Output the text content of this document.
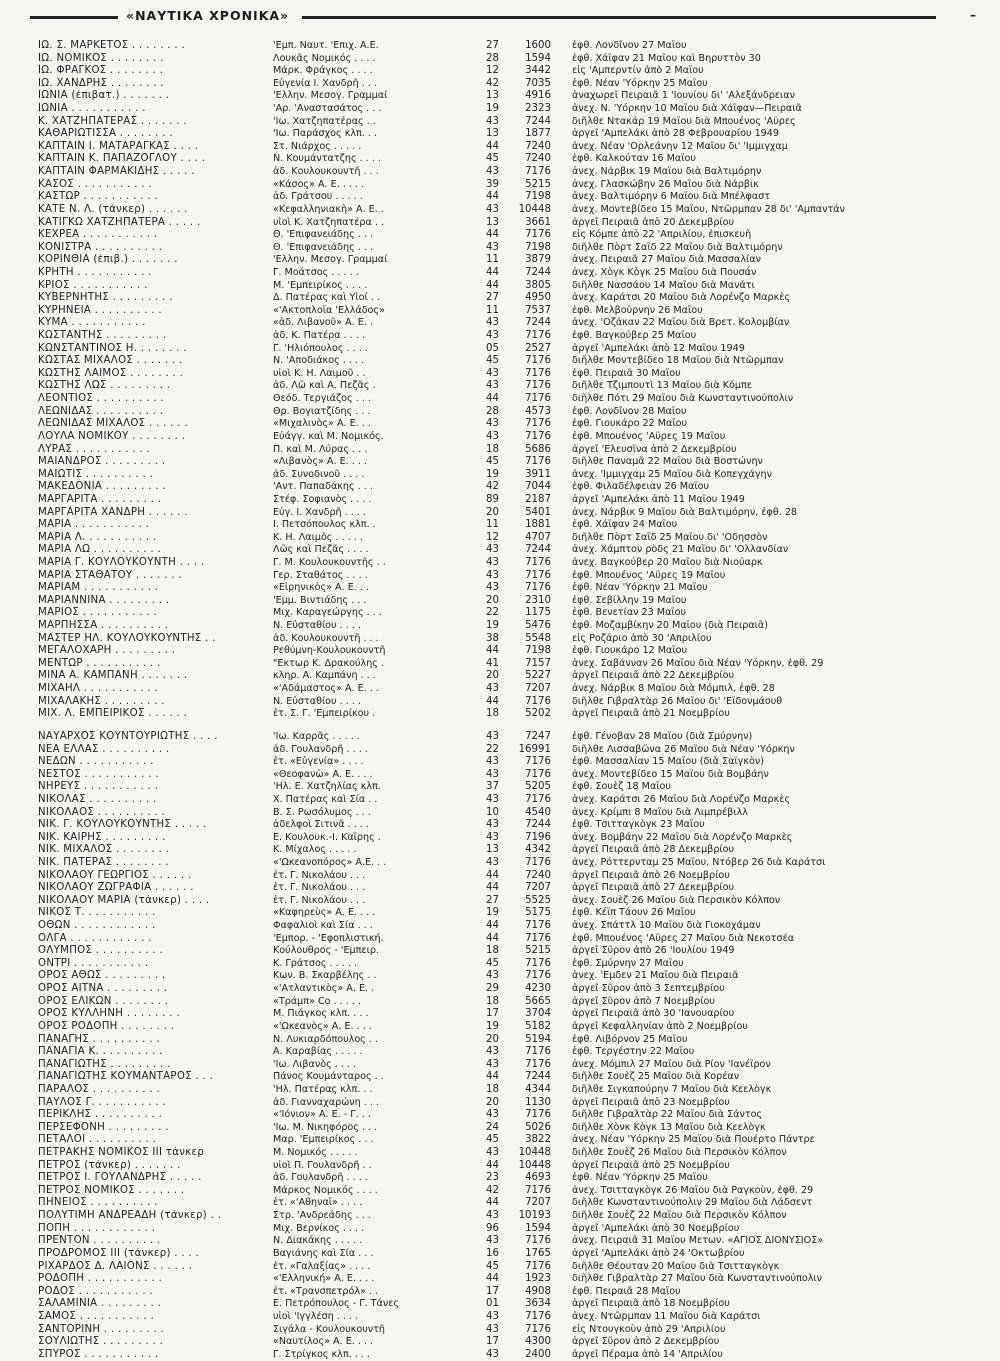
«ΝΑΥΤΙΚΑ ΧΡΟΝΙΚΑ»	–
ΙΩ. Σ. ΜΑΡΚΕΤΟΣ . . . . . . . .	'Εμπ. Ναυτ. 'Επιχ. Α.Ε.	27	1600 ἐφθ. Λονδῖνον 27 Μαΐου
ΙΩ. ΝΟΜΙΚΟΣ . . . . . . . .	Λουκᾶς Νομικός . . . .	28	1594 ἐφθ. Χάϊφαν 21 Μαΐου καὶ Βηρυττὸν 30
ΙΩ. ΦΡΑΓΚΟΣ . . . . . . . .	Μάρκ. Φράγκος . . . .	12	3442 εἰς 'Αμπερντίν ἀπὸ 2 Μαΐου
ΙΩ. ΧΑΝΔΡΗΣ . . . . . . . .	Εὐγενία Ι. Χανδρῆ . . .	42	7035 ἐφθ. Νέαν 'Υόρκην 25 Μαΐου
ΙΩΝΙΑ (ἐπιβατ.) . . . . . . .	'Ελλην. Μεσογ. Γραμμαί	13	4916 ἀναχωρεῖ Πειραιᾶ 1 'Ιουνίου δι' 'Αλεξάνδρειαν
ΙΩΝΙΑ . . . . . . . . . . .	'Αρ. 'Αναστασάτος . . .	19	2323 ἀνεχ. Ν. 'Υόρκην 10 Μαΐου διὰ Χάϊφαν—Πειραιᾶ
Κ. ΧΑΤΖΗΠΑΤΕΡΑΣ . . . . . . .	'Ιω. Χατζηπατέρας . .	43	7244 διῆλθε Ντακάρ 19 Μαΐου διὰ Μπουένος 'Αΰρες
ΚΑΘΑΡΙΩΤΙΣΣΑ . . . . . . . .	'Ιω. Παράσχος κλπ. . .	13	1877 ἀργεῖ 'Αμπελάκι ἀπὸ 28 Φεβρουαρίου 1949
ΚΑΠΤΑΙΝ Ι. ΜΑΤΑΡΑΓΚΑΣ . . . .	Στ. Νιάρχος . . . . .	44	7240 ἀνεχ. Νέαν 'Ορλεάνην 12 Μαΐου δι' 'Ιμμιγχαμ
ΚΑΠΤΑΙΝ Κ. ΠΑΠΑΖΟΓΛΟΥ . . . .	Ν. Κουμάντατζης . . . .	45	7240 ἐφθ. Καλκούταν 16 Μαΐου
ΚΑΠΤΑΙΝ ΦΑΡΜΑΚΙΔΗΣ . . . . .	ἀδ. Κουλουκουντῆ . . .	43	7176 ἀνεχ. Νάρβικ 19 Μαΐου διὰ Βαλτιμόρην
ΚΑΣΟΣ . . . . . . . . . . .	«Κάσος» Α. Ε. . . . .	39	5215 ἀνεχ. Γλασκώβην 26 Μαΐου διὰ Νάρβικ
ΚΑΣΤΩΡ . . . . . . . . . . .	ἀδ. Γράτσου . . . . .	44	7198 ἀνεχ. Βαλτιμόρην 6 Μαΐου διὰ Μπέλφαστ
ΚΑΤΕ Ν. Λ. (τάνκερ) . . . . . .	«Κεφαλληνιακὴ» Α. Ε. .	43	10448 ἀνεχ. Μοντεβίδεο 15 Μαΐου, Ντῶρμπαν 28 δι' 'Αμπαντάν
ΚΑΤΙΓΚΩ ΧΑΤΖΗΠΑΤΕΡΑ . . . . .	υἱοὶ Κ. Χατζηπατέρα . .	13	3661 ἀργεῖ Πειραιᾶ ἀπὸ 20 Δεκεμβρίου
ΚΕΧΡΕΑ . . . . . . . . . . .	Θ. 'Επιφανειάδης . . .	44	7176 εἰς Κόμπε ἀπὸ 22 'Απριλίου, ἐπισκευὴ
ΚΟΝΙΣΤΡΑ . . . . . . . . . .	Θ. 'Επιφανειάδης . . .	43	7198 διῆλθε Πὸρτ Σαΐδ 22 Μαΐου διὰ Βαλτιμόρην
ΚΟΡΙΝΘΙΑ (ἐπιβ.) . . . . . . .	'Ελλην. Μεσογ. Γραμμαί	11	3879 ἀνεχ. Πειραιᾶ 27 Μαΐου διὰ Μασσαλίαν
ΚΡΗΤΗ . . . . . . . . . . .	Γ. Μοάτσος . . . . .	44	7244 ἀνεχ. Χὸγκ Κὸγκ 25 Μαΐου διὰ Πουσάν
ΚΡΙΟΣ . . . . . . . . . . .	Μ. 'Εμπειρίκος . . . .	44	3805 διῆλθε Νασσάου 14 Μαΐου διὰ Μανάτι
ΚΥΒΕΡΝΗΤΗΣ . . . . . . . . .	Δ. Πατέρας καὶ Υἱοί . .	27	4950 ἀνεχ. Καράτσι 20 Μαΐου διὰ Λορένζο Μαρκὲς
ΚΥΡΗΝΕΙΑ . . . . . . . . . .	«'Ακτοπλοΐα 'Ελλάδος»	11	7537 ἐφθ. Μελβούρνην 26 Μαΐου
ΚΥΜΑ . . . . . . . . . . .	«ἀδ. Λιβανοῦ» Α. Ε. .	43	7244 ἀνεχ. 'Οζάκαν 22 Μαΐου διὰ Βρετ. Κολομβίαν
ΚΩΣΤΑΝΤΗΣ . . . . . . . . .	ἀδ. Κ. Πατέρα . . . .	43	7176 ἐφθ. Βαγκούβερ 25 Μαΐου
ΚΩΝΣΤΑΝΤΙΝΟΣ Η. . . . . . . .	Γ. 'Ηλιόπουλος . . . .	05	2527 ἀργεῖ 'Αμπελάκι ἀπὸ 12 Μαΐου 1949
ΚΩΣΤΑΣ ΜΙΧΑΛΟΣ . . . . . . .	Ν. 'Αποδιάκος . . . .	45	7176 διῆλθε Μοντεβίδεο 18 Μαΐου διὰ Ντῶρμπαν
ΚΩΣΤΗΣ ΛΑΙΜΟΣ . . . . . . . .	υἱοὶ Κ. Η. Λαιμοῦ . .	43	7176 ἐφθ. Πειραιᾶ 30 Μαΐου
ΚΩΣΤΗΣ ΛΩΣ . . . . . . . . .	ἀδ. Λῶ καὶ Α. Πεζᾶς .	43	7176 διῆλθε Τζιμπουτὶ 13 Μαΐου διὰ Κόμπε
ΛΕΟΝΤΙΟΣ . . . . . . . . . .	Θεόδ. Τεργιάζος . . .	44	7176 διῆλθε Πότι 29 Μαΐου διὰ Κωνσταντινούπολιν
ΛΕΩΝΙΔΑΣ . . . . . . . . . .	Θρ. Βογιατζίδης . . .	28	4573 ἐφθ. Λονδῖνον 28 Μαΐου
ΛΕΩΝΙΔΑΣ ΜΙΧΑΛΟΣ . . . . . .	«Μιχαλινὸς» Α. Ε. . .	43	7176 ἐφθ. Γιουκάρο 22 Μαΐου
ΛΟΥΛΑ ΝΟΜΙΚΟΥ . . . . . . . .	Εὐάγγ. καὶ Μ. Νομικός.	43	7176 ἐφθ. Μπουένος 'Αΰρες 19 Μαΐου
ΛΥΡΑΣ . . . . . . . . . . .	Π. καὶ Μ. Λύρας . . .	18	5686 ἀργεῖ 'Ελευσῖνα ἀπὸ 2 Δεκεμβρίου
ΜΑΙΑΝΔΡΟΣ . . . . . . . . .	«Λιβανὸς» Α. Ε. . . .	45	7176 διῆλθε Παναμᾶ 22 Μαΐου διὰ Βοστώνην
ΜΑΙΩΤΙΣ . . . . . . . . . .	ἀδ. Συνοδινοῦ . . . .	19	3911 ἀνεχ. 'Ιμμιγχαμ 25 Μαΐου διὰ Κοπεγχάγην
ΜΑΚΕΔΟΝΙΑ . . . . . . . . .	'Αντ. Παπαδάκης . . .	42	7044 ἐφθ. Φιλαδέλφειαν 26 Μαΐου
ΜΑΡΓΑΡΙΤΑ . . . . . . . . .	Στέφ. Σοφιανὸς . . . .	89	2187 ἀργεῖ 'Αμπελάκι ἀπὸ 11 Μαΐου 1949
ΜΑΡΓΑΡΙΤΑ ΧΑΝΔΡΗ . . . . . .	Εὐγ. Ι. Χανδρῆ . . . .	20	5401 ἀνεχ. Νάρβικ 9 Μαΐου διὰ Βαλτιμόρην, ἐφθ. 28
ΜΑΡΙΑ . . . . . . . . . . .	Ι. Πετσόπουλος κλπ. .	11	1881 ἐφθ. Χάϊφαν 24 Μαΐου
ΜΑΡΙΑ Λ. . . . . . . . . . .	Κ. Η. Λαιμὸς . . . . .	12	4707 διῆλθε Πὸρτ Σαΐδ 25 Μαΐου δι' 'Οδησσὸν
ΜΑΡΙΑ ΛΩ . . . . . . . . . .	Λῶς καὶ Πεζᾶς . . . .	43	7244 ἀνεχ. Χάμπτον ρὸδς 21 Μαΐου δι' 'Ολλανδίαν
ΜΑΡΙΑ Γ. ΚΟΥΛΟΥΚΟΥΝΤΗ . . . .	Γ. Μ. Κουλουκουντῆς . .	43	7176 ἀνεχ. Βαγκούβερ 20 Μαΐου διὰ Νιούαρκ
ΜΑΡΙΑ ΣΤΑΘΑΤΟΥ . . . . . . .	Γερ. Σταθάτος . . . .	43	7176 ἐφθ. Μπουένος 'Αΰρες 19 Μαΐου
ΜΑΡΙΑΜ . . . . . . . . . . .	«Εἰρηνικὸς» Α. Ε. . .	43	7176 ἐφθ. Νέαν 'Υόρκην 21 Μαΐου
ΜΑΡΙΑΝΝΙΝΑ . . . . . . . . .	'Εμμ. Βιντιάδης . . .	20	2310 ἐφθ. Σεβίλλην 19 Μαΐου
ΜΑΡΙΟΣ . . . . . . . . . . .	Μιχ. Καραγεώργης . . .	22	1175 ἐφθ. Βενετίαν 23 Μαΐου
ΜΑΡΠΗΣΣΑ . . . . . . . . . .	Ν. Εὐσταθίου . . . .	19	5476 ἐφθ. Μοζαμβίκην 20 Μαΐου (διὰ Πειραιᾶ)
ΜΑΣΤΕΡ ΗΛ. ΚΟΥΛΟΥΚΟΥΝΤΗΣ . .	ἀδ. Κουλουκουντῆ . . .	38	5548 εἰς Ροζάριο ἀπὸ 30 'Απριλίου
ΜΕΓΑΛΟΧΑΡΗ . . . . . . . . .	Ρεθύμνη-Κουλουκουντῆ	44	7198 ἐφθ. Γιουκάρο 12 Μαΐου
ΜΕΝΤΩΡ . . . . . . . . . . .	"Εκτωρ Κ. Δρακούλης .	41	7157 ἀνεχ. Σαβάνναν 26 Μαΐου διὰ Νέαν 'Υόρκην, ἐφθ. 29
ΜΙΝΑ Α. ΚΑΜΠΑΝΗ . . . . . . .	κληρ. Α. Καμπάνη . . .	20	5227 ἀργεῖ Πειραιᾶ ἀπὸ 22 Δεκεμβρίου
ΜΙΧΑΗΛ . . . . . . . . . . .	«'Αδάμαστος» Α. Ε. . .	43	7207 ἀνεχ. Νάρβικ 8 Μαΐου διὰ Μόμπιλ, ἐφθ. 28
ΜΙΧΑΛΑΚΗΣ . . . . . . . . .	Ν. Εὐσταθίου . . . .	44	7176 διῆλθε Γιβραλτὰρ 26 Μαΐου δι' 'Εϊδονμάουθ
ΜΙΧ. Λ. ΕΜΠΕΙΡΙΚΟΣ . . . . . .	ἐτ. Σ. Γ. 'Εμπειρίκου .	18	5202 ἀργεῖ Πειραιᾶ ἀπὸ 21 Νοεμβρίου
ΝΑΥΑΡΧΟΣ ΚΟΥΝΤΟΥΡΙΩΤΗΣ . . . .	'Ιω. Καρρᾶς . . . . .	43	7247 ἐφθ. Γένοβαν 28 Μαΐου (διὰ Σμύρνην)
ΝΕΑ ΕΛΛΑΣ . . . . . . . . . .	ἀδ. Γουλανδρῆ . . . .	22	16991 διῆλθε Λισσαβῶνα 26 Μαΐου διὰ Νέαν 'Υόρκην
ΝΕΔΩΝ . . . . . . . . . . .	ἐτ. «Εὐγενία» . . . .	43	7176 ἐφθ. Μασσαλίαν 15 Μαΐου (διὰ Σαϊγκὸν)
ΝΕΣΤΟΣ . . . . . . . . . . .	«Θεοφανὼ» Α. Ε. . . .	43	7176 ἀνεχ. Μοντεβίδεο 15 Μαΐου διὰ Βομβάην
ΝΗΡΕΥΣ . . . . . . . . . . .	'Ηλ. Ε. Χατζηλίας κλπ.	37	5205 ἐφθ. Σουὲζ 18 Μαΐου
ΝΙΚΟΛΑΣ . . . . . . . . . .	Χ. Πατέρας καὶ Σία . .	43	7176 ἀνεχ. Καράτσι 26 Μαΐου διὰ Λορένζο Μαρκὲς
ΝΙΚΟΛΑΟΣ . . . . . . . . . .	Β. Σ. Ρωσόλυμος . . .	10	4540 ἀνεχ. Κρίμπι 8 Μαΐου διὰ Λιμπρέβιλλ
ΝΙΚ. Γ. ΚΟΥΛΟΥΚΟΥΝΤΗΣ . . . . .	ἀδελφοὶ Σιτινᾶ . . . .	43	7244 ἐφθ. Τσιτταγκὸγκ 23 Μαΐου
ΝΙΚ. ΚΑΙΡΗΣ . . . . . . . . .	Ε. Κουλουκ.-Ι. Καΐρης .	43	7196 ἀνεχ. Βομβάην 22 Μαΐου διὰ Λορένζο Μαρκὲς
ΝΙΚ. ΜΙΧΑΛΟΣ . . . . . . . .	Κ. Μίχαλος . . . . .	13	4342 ἀργεῖ Πειραιᾶ ἀπὸ 28 Δεκεμβρίου
ΝΙΚ. ΠΑΤΕΡΑΣ . . . . . . . .	«'Ωκεανοπόρος» Α.Ε. . .	43	7176 ἀνεχ. Ρόττερνταμ 25 Μαΐου, Ντόβερ 26 διὰ Καράτσι
ΝΙΚΟΛΑΟΥ ΓΕΩΡΓΙΟΣ . . . . . .	ἐτ. Γ. Νικολάου . . .	44	7240 ἀργεῖ Πειραιᾶ ἀπὸ 26 Νοεμβρίου
ΝΙΚΟΛΑΟΥ ΖΩΓΡΑΦΙΑ . . . . . .	ἐτ. Γ. Νικολάου . . .	44	7207 ἀργεῖ Πειραιᾶ ἀπὸ 27 Δεκεμβρίου
ΝΙΚΟΛΑΟΥ ΜΑΡΙΑ (τάνκερ) . . . .	ἐτ. Γ. Νικολάου . . .	27	5525 ἀνεχ. Σουὲζ 26 Μαΐου διὰ Περσικὸν Κόλπον
ΝΙΚΟΣ Τ. . . . . . . . . . .	«Καφηρεὺς» Α. Ε. . . .	19	5175 ἐφθ. Κέϊπ Τάουν 26 Μαΐου
ΟΘΩΝ . . . . . . . . . . . .	Φαφαλιοὶ καὶ Σία . . .	44	7176 ἀνεχ. Σπάττλ 10 Μαΐου διὰ Γιοκοχάμαν
ΟΛΓΑ . . . . . . . . . . . .	'Εμπορ. - 'Εφοπλιστική.	44	7176 ἐφθ. Μπουένος 'Αΰρες 27 Μαΐου διὰ Νεκοτσέα
ΟΛΥΜΠΟΣ . . . . . . . . . .	Κούλουθρος - 'Εμπειρ.	18	5215 ἀργεῖ Σῦρον ἀπὸ 26 'Ιουλίου 1949
ΟΝΤΡΙ . . . . . . . . . . .	Κ. Γράτσος . . . . .	45	7176 ἐφθ. Σμύρνην 27 Μαΐου
ΟΡΟΣ ΑΘΩΣ . . . . . . . . .	Κων. Β. Σκαρβέλης . .	43	7176 ἀνεχ. 'Εμδεν 21 Μαΐου διὰ Πειραιᾶ
ΟΡΟΣ ΑΙΤΝΑ . . . . . . . . .	«'Ατλαντικὸς» Α. Ε. .	29	4230 ἀργεῖ Σῦρον ἀπὸ 3 Σεπτεμβρίου
ΟΡΟΣ ΕΛΙΚΩΝ . . . . . . . .	«Τράμπ» Co . . . . .	18	5665 ἀργεῖ Σῦρον ἀπὸ 7 Νοεμβρίου
ΟΡΟΣ ΚΥΛΛΗΝΗ . . . . . . . .	Μ. Πιάγκος κλπ. . . .	17	3704 ἀργεῖ Πειραιᾶ ἀπὸ 30 'Ιανουαρίου
ΟΡΟΣ ΡΟΔΟΠΗ . . . . . . . .	«'Ωκεανὸς» Α. Ε. . . .	19	5182 ἀργεῖ Κεφαλληνίαν ἀπὸ 2 Νοεμβρίου
ΠΑΝΑΓΗΣ . . . . . . . . . .	Ν. Λυκιαρδόπουλος . .	20	5194 ἐφθ. Λιβόρνον 25 Μαΐου
ΠΑΝΑΓΙΑ Κ. . . . . . . . . .	Α. Καραβίας . . . . .	43	7176 ἐφθ. Τεργέστην 22 Μαΐου
ΠΑΝΑΓΙΩΤΗΣ . . . . . . . . .	'Ιω. Λιβανὸς . . . .	43	7176 ἀνεχ. Μόμπιλ 27 Μαΐου διὰ Ρίον 'Ιανέϊρον
ΠΑΝΑΓΙΩΤΗΣ ΚΟΥΜΑΝΤΑΡΟΣ . . .	Πάνος Κουμάνταρος . .	44	7244 διῆλθε Σουὲζ 25 Μαΐου διὰ Κορέαν
ΠΑΡΑΛΟΣ . . . . . . . . . .	'Ηλ. Πατέρας κλπ. . .	18	4344 διῆλθε Σιγκαπούρην 7 Μαΐου διὰ Κεελὸγκ
ΠΑΥΛΟΣ Γ. . . . . . . . . . .	ἀδ. Γιανναχαρώνη . . .	20	1130 ἀργεῖ Πειραιᾶ ἀπὸ 23 Νοεμβρίου
ΠΕΡΙΚΛΗΣ . . . . . . . . . .	«'Ιόνιον» Α. Ε. - Γ. . .	43	7176 διῆλθε Γιβραλτὰρ 22 Μαΐου διὰ Σάντος
ΠΕΡΣΕΦΟΝΗ . . . . . . . . .	'Ιω. Μ. Νικηφόρος . . .	24	5026 διῆλθε Χὸνκ Κὸγκ 13 Μαΐου διὰ Κεελὸγκ
ΠΕΤΑΛΟΙ . . . . . . . . . .	Μαρ. 'Εμπειρίκος . . .	45	3822 ἀνεχ. Νέαν 'Υόρκην 25 Μαΐου διὰ Πουέρτο Πάντρε
ΠΕΤΡΑΚΗΣ ΝΟΜΙΚΟΣ III τάνκερ	Μ. Νομικός . . . . .	43	10448 διῆλθε Σουὲζ 26 Μαΐου διὰ Περσικὸν Κόλπον
ΠΕΤΡΟΣ (τάνκερ) . . . . . . .	υἱοὶ Π. Γουλανδρῆ . .	44	10448 ἀργεῖ Πειραιᾶ ἀπὸ 25 Νοεμβρίου
ΠΕΤΡΟΣ Ι. ΓΟΥΛΑΝΔΡΗΣ . . . . .	ἀδ. Γουλανδρῆ . . . .	23	4693 ἐφθ. Νέαν 'Υόρκην 25 Μαΐου
ΠΕΤΡΟΣ ΝΟΜΙΚΟΣ . . . . . . .	Μάρκος Νομικός . . . .	42	7176 ἀνεχ. Τσιτταγκὸγκ 26 Μαΐου διὰ Ραγκοὺν, ἐφθ. 29
ΠΗΝΕΙΟΣ . . . . . . . . . .	ἐτ. «'Αθηναΐ» . . . .	44	7207 διῆλθε Κωνσταντινούπολιν 29 Μαΐου διὰ Λάδσεντ
ΠΟΛΥΤΙΜΗ ΑΝΔΡΕΑΔΗ (τάνκερ) . .	Στρ. 'Ανδρεάδης . . .	43	10193 διῆλθε Σουὲζ 22 Μαΐου διὰ Περσικὸν Κόλπον
ΠΟΠΗ . . . . . . . . . . . .	Μιχ. Βερνίκος . . . .	96	1594 ἀργεῖ 'Αμπελάκι ἀπὸ 30 Νοεμβρίου
ΠΡΕΝΤΟΝ . . . . . . . . . .	Ν. Διακάκης . . . . .	43	7176 ἀνεχ. Πειραιᾶ 31 Μαΐου Μετων. «ΑΓΙΟΣ ΔΙΟΝΥΣΙΟΣ»
ΠΡΟΔΡΟΜΟΣ III (τάνκερ) . . . .	Βαγιάνης καὶ Σία . . .	16	1765 ἀργεῖ 'Αμπελάκι ἀπὸ 24 'Οκτωβρίου
ΡΙΧΑΡΔΟΣ Δ. ΛΑΙΟΝΣ . . . . . .	ἐτ. «Γαλαξίας» . . . .	45	7176 διῆλθε Θέουταν 20 Μαΐου διὰ Τσιτταγκὸγκ
ΡΟΔΟΠΗ . . . . . . . . . . .	«'Ελληνική» Α. Ε. . . .	44	1923 διῆλθε Γιβραλτὰρ 27 Μαΐου διὰ Κωνσταντινούπολιν
ΡΟΔΟΣ . . . . . . . . . . .	ἐτ. «Τρανσπετρόλ» . .	17	4908 ἐφθ. Πειραιᾶ 28 Μαΐου
ΣΑΛΑΜΙΝΙΑ . . . . . . . . .	Ε. Πετρόπουλος - Γ. Τάνες	01	3634 ἀργεῖ Πειραιᾶ ἀπὸ 18 Νοεμβρίου
ΣΑΜΟΣ . . . . . . . . . . .	υἱοὶ 'Ιγγλέση . . . .	43	7176 ἀνεχ. Ντῶρμπαν 11 Μαΐου διὰ Καράτσι
ΣΑΝΤΟΡΙΝΗ . . . . . . . . .	Σιγάλα - Κουλουκουντῆ	43	7176 εἰς Ντουγκοὺν ἀπὸ 29 'Απριλίου
ΣΟΥΛΙΩΤΗΣ . . . . . . . . .	«Ναυτίλος» Α. Ε. . . .	17	4300 ἀργεῖ Σῦρον ἀπὸ 2 Δεκεμβρίου
ΣΠΥΡΟΣ . . . . . . . . . . .	Γ. Στρίγκος κλπ. . . .	43	2400 ἀργεῖ Πέραμα ἀπὸ 14 'Απριλίου
